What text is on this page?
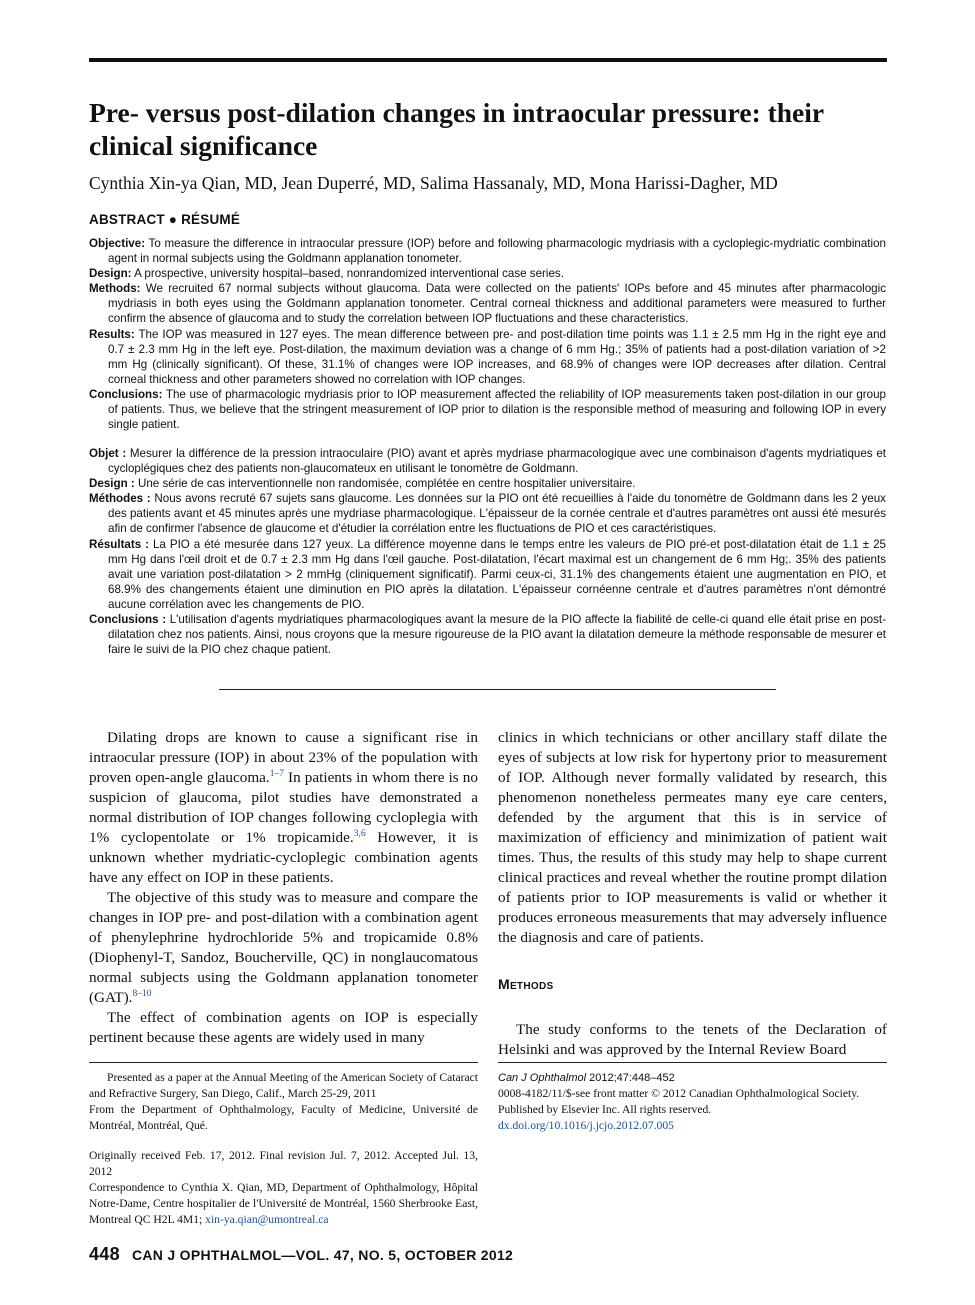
Pre- versus post-dilation changes in intraocular pressure: their clinical significance

Cynthia Xin-ya Qian, MD, Jean Duperré, MD, Salima Hassanaly, MD, Mona Harissi-Dagher, MD

ABSTRACT ● RÉSUMÉ

Objective: To measure the difference in intraocular pressure (IOP) before and following pharmacologic mydriasis with a cycloplegic-mydriatic combination agent in normal subjects using the Goldmann applanation tonometer.

Design: A prospective, university hospital–based, nonrandomized interventional case series.

Methods: We recruited 67 normal subjects without glaucoma. Data were collected on the patients' IOPs before and 45 minutes after pharmacologic mydriasis in both eyes using the Goldmann applanation tonometer. Central corneal thickness and additional parameters were measured to further confirm the absence of glaucoma and to study the correlation between IOP fluctuations and these characteristics.

Results: The IOP was measured in 127 eyes. The mean difference between pre- and post-dilation time points was 1.1 ± 2.5 mm Hg in the right eye and 0.7 ± 2.3 mm Hg in the left eye. Post-dilation, the maximum deviation was a change of 6 mm Hg.; 35% of patients had a post-dilation variation of >2 mm Hg (clinically significant). Of these, 31.1% of changes were IOP increases, and 68.9% of changes were IOP decreases after dilation. Central corneal thickness and other parameters showed no correlation with IOP changes.

Conclusions: The use of pharmacologic mydriasis prior to IOP measurement affected the reliability of IOP measurements taken post-dilation in our group of patients. Thus, we believe that the stringent measurement of IOP prior to dilation is the responsible method of measuring and following IOP in every single patient.

Objet : Mesurer la différence de la pression intraoculaire (PIO) avant et après mydriase pharmacologique avec une combinaison d'agents mydriatiques et cycloplégiques chez des patients non-glaucomateux en utilisant le tonomètre de Goldmann.

Design : Une série de cas interventionnelle non randomisée, complétée en centre hospitalier universitaire.

Méthodes : Nous avons recruté 67 sujets sans glaucome. Les données sur la PIO ont été recueillies à l'aide du tonomètre de Goldmann dans les 2 yeux des patients avant et 45 minutes après une mydriase pharmacologique. L'épaisseur de la cornée centrale et d'autres paramètres ont aussi été mesurés afin de confirmer l'absence de glaucome et d'étudier la corrélation entre les fluctuations de PIO et ces caractéristiques.

Résultats : La PIO a été mesurée dans 127 yeux. La différence moyenne dans le temps entre les valeurs de PIO pré-et post-dilatation était de 1.1 ± 25 mm Hg dans l'œil droit et de 0.7 ± 2.3 mm Hg dans l'œil gauche. Post-dilatation, l'écart maximal est un changement de 6 mm Hg;. 35% des patients avait une variation post-dilatation > 2 mmHg (cliniquement significatif). Parmi ceux-ci, 31.1% des changements étaient une augmentation en PIO, et 68.9% des changements étaient une diminution en PIO après la dilatation. L'épaisseur cornéenne centrale et d'autres paramètres n'ont démontré aucune corrélation avec les changements de PIO.

Conclusions : L'utilisation d'agents mydriatiques pharmacologiques avant la mesure de la PIO affecte la fiabilité de celle-ci quand elle était prise en post-dilatation chez nos patients. Ainsi, nous croyons que la mesure rigoureuse de la PIO avant la dilatation demeure la méthode responsable de mesurer et faire le suivi de la PIO chez chaque patient.

Dilating drops are known to cause a significant rise in intraocular pressure (IOP) in about 23% of the population with proven open-angle glaucoma.$^{1-7}$ In patients in whom there is no suspicion of glaucoma, pilot studies have demonstrated a normal distribution of IOP changes following cycloplegia with 1% cyclopentolate or 1% tropicamide.$^{3,6}$ However, it is unknown whether mydriatic-cycloplegic combination agents have any effect on IOP in these patients.

The objective of this study was to measure and compare the changes in IOP pre- and post-dilation with a combination agent of phenylephrine hydrochloride 5% and tropicamide 0.8% (Diophenyl-T, Sandoz, Boucherville, QC) in nonglaucomatous normal subjects using the Goldmann applanation tonometer (GAT).$^{8-10}$

The effect of combination agents on IOP is especially pertinent because these agents are widely used in many

clinics in which technicians or other ancillary staff dilate the eyes of subjects at low risk for hypertony prior to measurement of IOP. Although never formally validated by research, this phenomenon nonetheless permeates many eye care centers, defended by the argument that this is in service of maximization of efficiency and minimization of patient wait times. Thus, the results of this study may help to shape current clinical practices and reveal whether the routine prompt dilation of patients prior to IOP measurements is valid or whether it produces erroneous measurements that may adversely influence the diagnosis and care of patients.

Methods

The study conforms to the tenets of the Declaration of Helsinki and was approved by the Internal Review Board

Presented as a paper at the Annual Meeting of the American Society of Cataract and Refractive Surgery, San Diego, Calif., March 25-29, 2011

From the Department of Ophthalmology, Faculty of Medicine, Université de Montréal, Montréal, Qué.

Originally received Feb. 17, 2012. Final revision Jul. 7, 2012. Accepted Jul. 13, 2012

Correspondence to Cynthia X. Qian, MD, Department of Ophthalmology, Hôpital Notre-Dame, Centre hospitalier de l'Université de Montréal, 1560 Sherbrooke East, Montreal QC H2L 4M1; xin-ya.qian@umontreal.ca

Can J Ophthalmol 2012;47:448–452

0008-4182/11/$-see front matter © 2012 Canadian Ophthalmological Society. Published by Elsevier Inc. All rights reserved.

dx.doi.org/10.1016/j.jcjo.2012.07.005

448 CAN J OPHTHALMOL—VOL. 47, NO. 5, OCTOBER 2012
